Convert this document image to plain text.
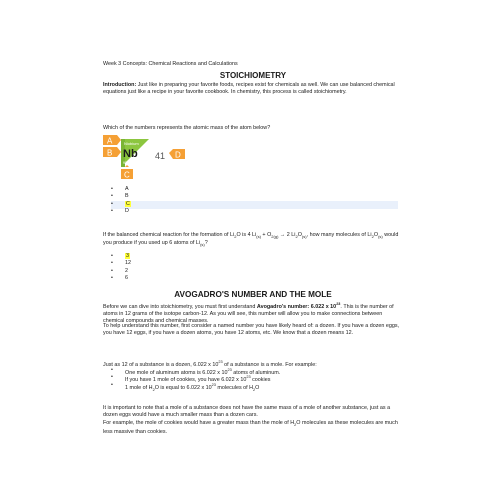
Week 3 Concepts: Chemical Reactions and Calculations

STOICHIOMETRY

Introduction: Just like in preparing your favorite foods, recipes exist for chemicals as well. We can use balanced chemical equations just like a recipe in your favorite cookbook. In chemistry, this process is called stoichiometry.

Which of the numbers represents the atomic mass of the atom below?

Niobium
Nb
92.90
41
A
B
C
D
• A
• B
• C
• D

If the balanced chemical reaction for the formation of $Li_2O$ is 4 $Li_{(s)} + O_{2(g)} \to 2$ $Li_2O_{(s)}$, how many molecules of $Li_2O_{(s)}$ would you produce if you used up 6 atoms of $Li_{(s)}$?

• 3
• 12
• 2
• 6

AVOGADRO'S NUMBER AND THE MOLE

Before we can dive into stoichiometry, you must first understand Avogadro's number: 6.022 x $10^{23}$. This is the number of atoms in 12 grams of the isotope carbon-12. As you will see, this number will allow you to make connections between chemical compounds and chemical masses.

To help understand this number, first consider a named number you have likely heard of: a dozen. If you have a dozen eggs, you have 12 eggs, if you have a dozen atoms, you have 12 atoms, etc. We know that a dozen means 12.

Just as 12 of a substance is a dozen, 6.022 x $10^{23}$ of a substance is a mole. For example:

• One mole of aluminum atoms is 6.022 x $10^{23}$ atoms of aluminum.
• If you have 1 mole of cookies, you have 6.022 x $10^{23}$ cookies
• 1 mole of $H_2O$ is equal to 6.022 x $10^{23}$ molecules of $H_2O$

It is important to note that a mole of a substance does not have the same mass of a mole of another substance, just as a dozen eggs would have a much smaller mass than a dozen cars.

For example, the mole of cookies would have a greater mass than the mole of $H_2O$ molecules as these molecules are much less massive than cookies.
